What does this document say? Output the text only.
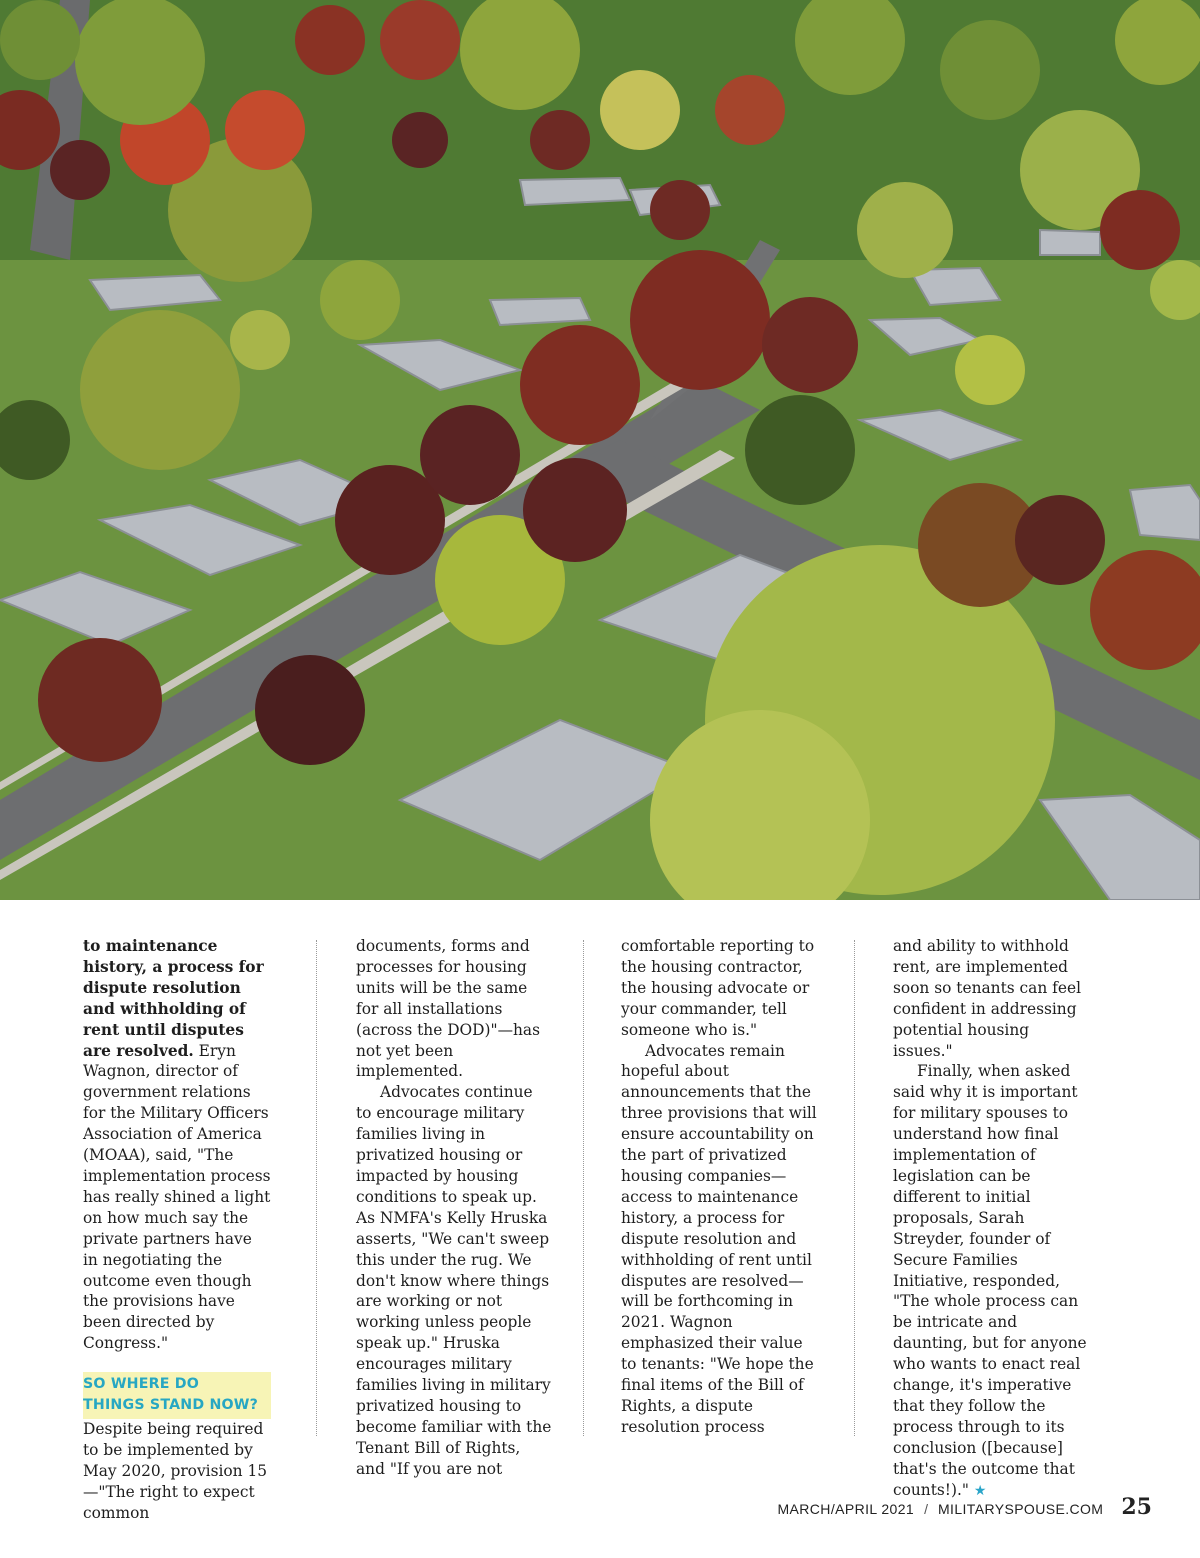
to maintenance history, a process for dispute resolution and withholding of rent until disputes are resolved. Eryn Wagnon, director of government relations for the Military Officers Association of America (MOAA), said, "The implementation process has really shined a light on how much say the private partners have in negotiating the outcome even though the provisions have been directed by Congress."

SO WHERE DO THINGS STAND NOW?

Despite being required to be implemented by May 2020, provision 15—"The right to expect common

documents, forms and processes for housing units will be the same for all installations (across the DOD)"—has not yet been implemented.

Advocates continue to encourage military families living in privatized housing or impacted by housing conditions to speak up. As NMFA's Kelly Hruska asserts, "We can't sweep this under the rug. We don't know where things are working or not working unless people speak up." Hruska encourages military families living in military privatized housing to become familiar with the Tenant Bill of Rights, and "If you are not

comfortable reporting to the housing contractor, the housing advocate or your commander, tell someone who is."

Advocates remain hopeful about announcements that the three provisions that will ensure accountability on the part of privatized housing companies—access to maintenance history, a process for dispute resolution and withholding of rent until disputes are resolved—will be forthcoming in 2021. Wagnon emphasized their value to tenants: "We hope the final items of the Bill of Rights, a dispute resolution process

and ability to withhold rent, are implemented soon so tenants can feel confident in addressing potential housing issues."

Finally, when asked said why it is important for military spouses to understand how final implementation of legislation can be different to initial proposals, Sarah Streyder, founder of Secure Families Initiative, responded, "The whole process can be intricate and daunting, but for anyone who wants to enact real change, it's imperative that they follow the process through to its conclusion ([because] that's the outcome that counts!)." ★

MARCH/APRIL 2021 / MILITARYSPOUSE.COM 25
